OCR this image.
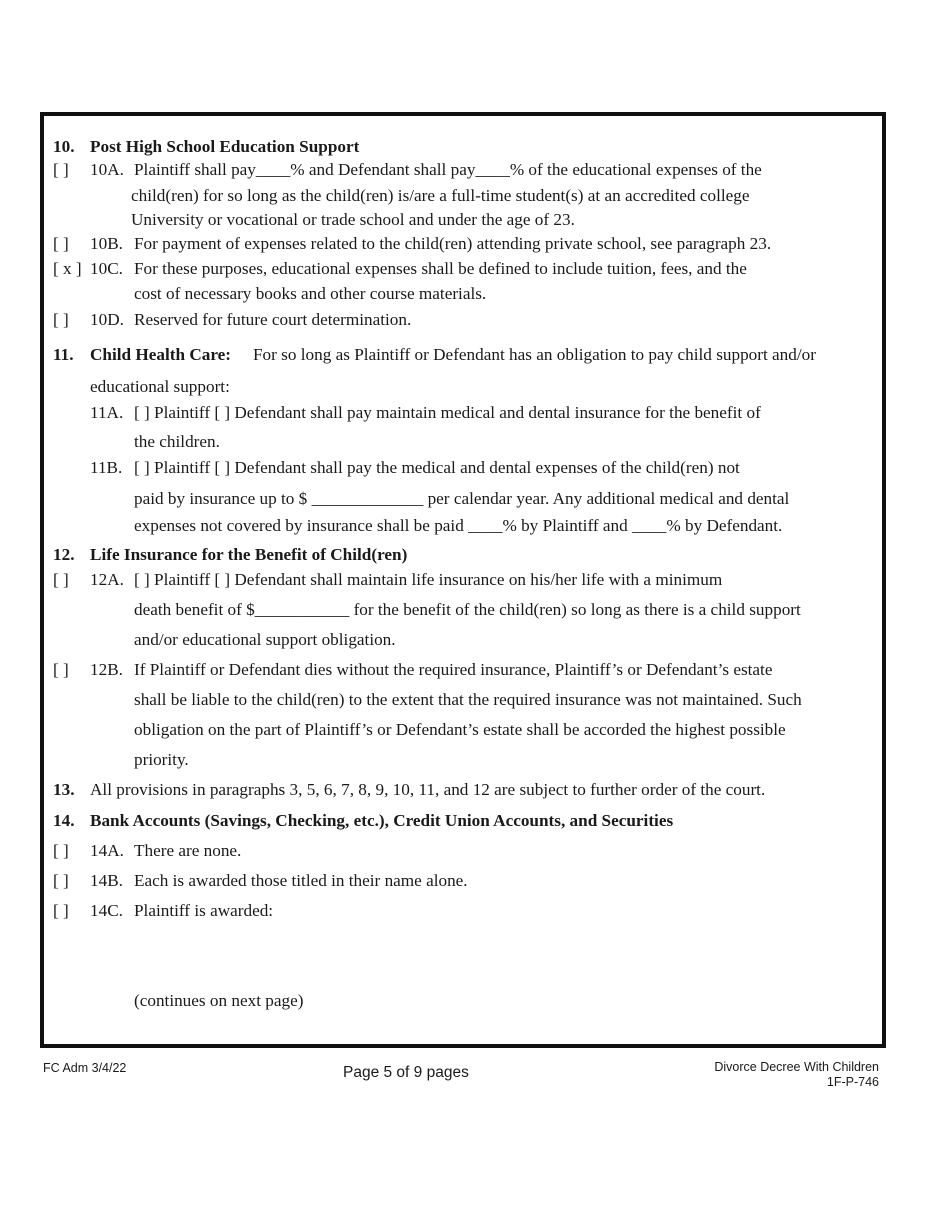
10. Post High School Education Support
[ ] 10A. Plaintiff shall pay____% and Defendant shall pay____% of the educational expenses of the
child(ren) for so long as the child(ren) is/are a full-time student(s) at an accredited college
University or vocational or trade school and under the age of 23.
[ ] 10B. For payment of expenses related to the child(ren) attending private school, see paragraph 23.
[ x ] 10C. For these purposes, educational expenses shall be defined to include tuition, fees, and the
cost of necessary books and other course materials.
[ ] 10D. Reserved for future court determination.
11. Child Health Care: For so long as Plaintiff or Defendant has an obligation to pay child support and/or
educational support:
11A. [ ] Plaintiff [ ] Defendant shall pay maintain medical and dental insurance for the benefit of
the children.
11B. [ ] Plaintiff [ ] Defendant shall pay the medical and dental expenses of the child(ren) not
paid by insurance up to $ _____________ per calendar year. Any additional medical and dental
expenses not covered by insurance shall be paid ____% by Plaintiff and ____% by Defendant.
12. Life Insurance for the Benefit of Child(ren)
[ ] 12A. [ ] Plaintiff [ ] Defendant shall maintain life insurance on his/her life with a minimum
death benefit of $___________ for the benefit of the child(ren) so long as there is a child support
and/or educational support obligation.
[ ] 12B. If Plaintiff or Defendant dies without the required insurance, Plaintiff’s or Defendant’s estate
shall be liable to the child(ren) to the extent that the required insurance was not maintained. Such
obligation on the part of Plaintiff’s or Defendant’s estate shall be accorded the highest possible
priority.
13. All provisions in paragraphs 3, 5, 6, 7, 8, 9, 10, 11, and 12 are subject to further order of the court.
14. Bank Accounts (Savings, Checking, etc.), Credit Union Accounts, and Securities
[ ] 14A. There are none.
[ ] 14B. Each is awarded those titled in their name alone.
[ ] 14C. Plaintiff is awarded:
(continues on next page)
FC Adm 3/4/22	Page 5 of 9 pages	Divorce Decree With Children
1F-P-746
